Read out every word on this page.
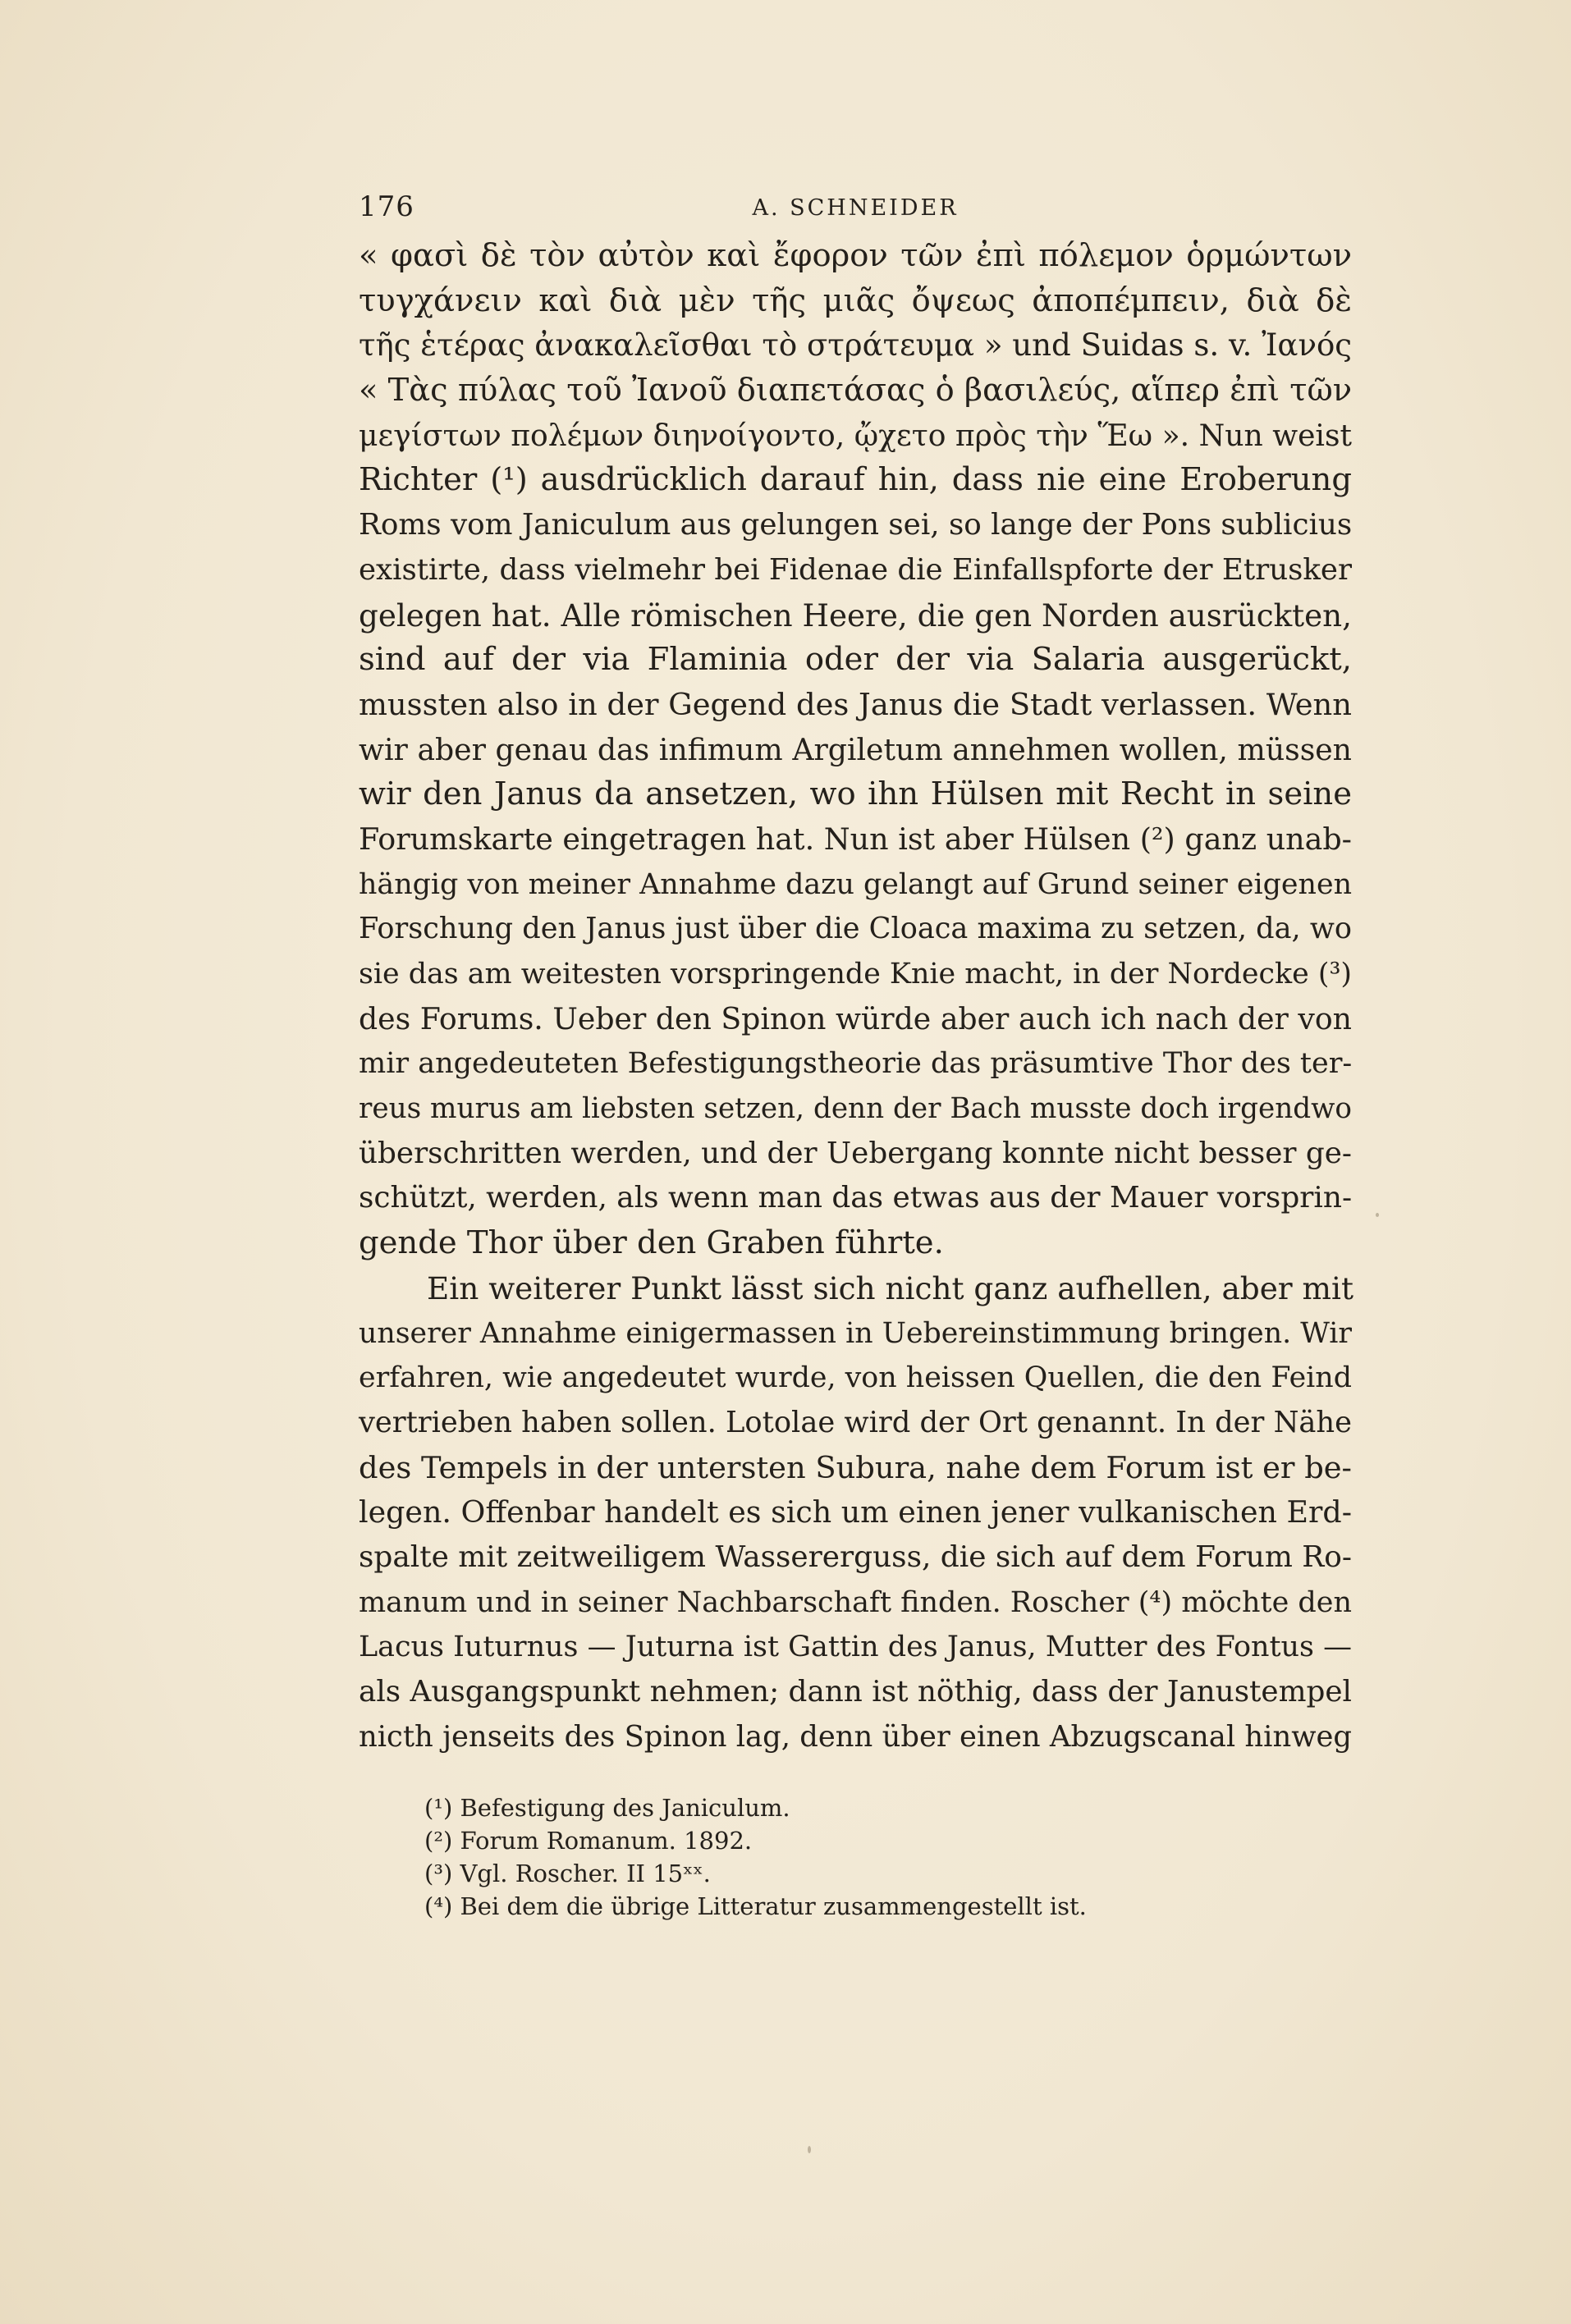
176	A. SCHNEIDER
« φασὶ δὲ τὸν αὐτὸν καὶ ἔφορον τῶν ἐπὶ πόλεμον ὁρμώντων
τυγχάνειν καὶ διὰ μὲν τῆς μιᾶς ὄψεως ἀποπέμπειν, διὰ δὲ
τῆς ἑτέρας ἀνακαλεῖσθαι τὸ στράτευμα » und Suidas s. v. Ἰανός
« Τὰς πύλας τοῦ Ἰανοῦ διαπετάσας ὁ βασιλεύς, αἵπερ ἐπὶ τῶν
μεγίστων πολέμων διηνοίγοντο, ᾤχετο πρὸς τὴν Ἕω ». Nun weist
Richter (¹) ausdrücklich darauf hin, dass nie eine Eroberung
Roms vom Janiculum aus gelungen sei, so lange der Pons sublicius
existirte, dass vielmehr bei Fidenae die Einfallspforte der Etrusker
gelegen hat. Alle römischen Heere, die gen Norden ausrückten,
sind auf der via Flaminia oder der via Salaria ausgerückt,
mussten also in der Gegend des Janus die Stadt verlassen. Wenn
wir aber genau das infimum Argiletum annehmen wollen, müssen
wir den Janus da ansetzen, wo ihn Hülsen mit Recht in seine
Forumskarte eingetragen hat. Nun ist aber Hülsen (²) ganz unab-
hängig von meiner Annahme dazu gelangt auf Grund seiner eigenen
Forschung den Janus just über die Cloaca maxima zu setzen, da, wo
sie das am weitesten vorspringende Knie macht, in der Nordecke (³)
des Forums. Ueber den Spinon würde aber auch ich nach der von
mir angedeuteten Befestigungstheorie das präsumtive Thor des ter-
reus murus am liebsten setzen, denn der Bach musste doch irgendwo
überschritten werden, und der Uebergang konnte nicht besser ge-
schützt, werden, als wenn man das etwas aus der Mauer vorsprin-
gende Thor über den Graben führte.
Ein weiterer Punkt lässt sich nicht ganz aufhellen, aber mit
unserer Annahme einigermassen in Uebereinstimmung bringen. Wir
erfahren, wie angedeutet wurde, von heissen Quellen, die den Feind
vertrieben haben sollen. Lotolae wird der Ort genannt. In der Nähe
des Tempels in der untersten Subura, nahe dem Forum ist er be-
legen. Offenbar handelt es sich um einen jener vulkanischen Erd-
spalte mit zeitweiligem Wassererguss, die sich auf dem Forum Ro-
manum und in seiner Nachbarschaft finden. Roscher (⁴) möchte den
Lacus Iuturnus — Juturna ist Gattin des Janus, Mutter des Fontus —
als Ausgangspunkt nehmen; dann ist nöthig, dass der Janustempel
nicth jenseits des Spinon lag, denn über einen Abzugscanal hinweg
(¹) Befestigung des Janiculum.
(²) Forum Romanum. 1892.
(³) Vgl. Roscher. II 15ˣˣ.
(⁴) Bei dem die übrige Litteratur zusammengestellt ist.
